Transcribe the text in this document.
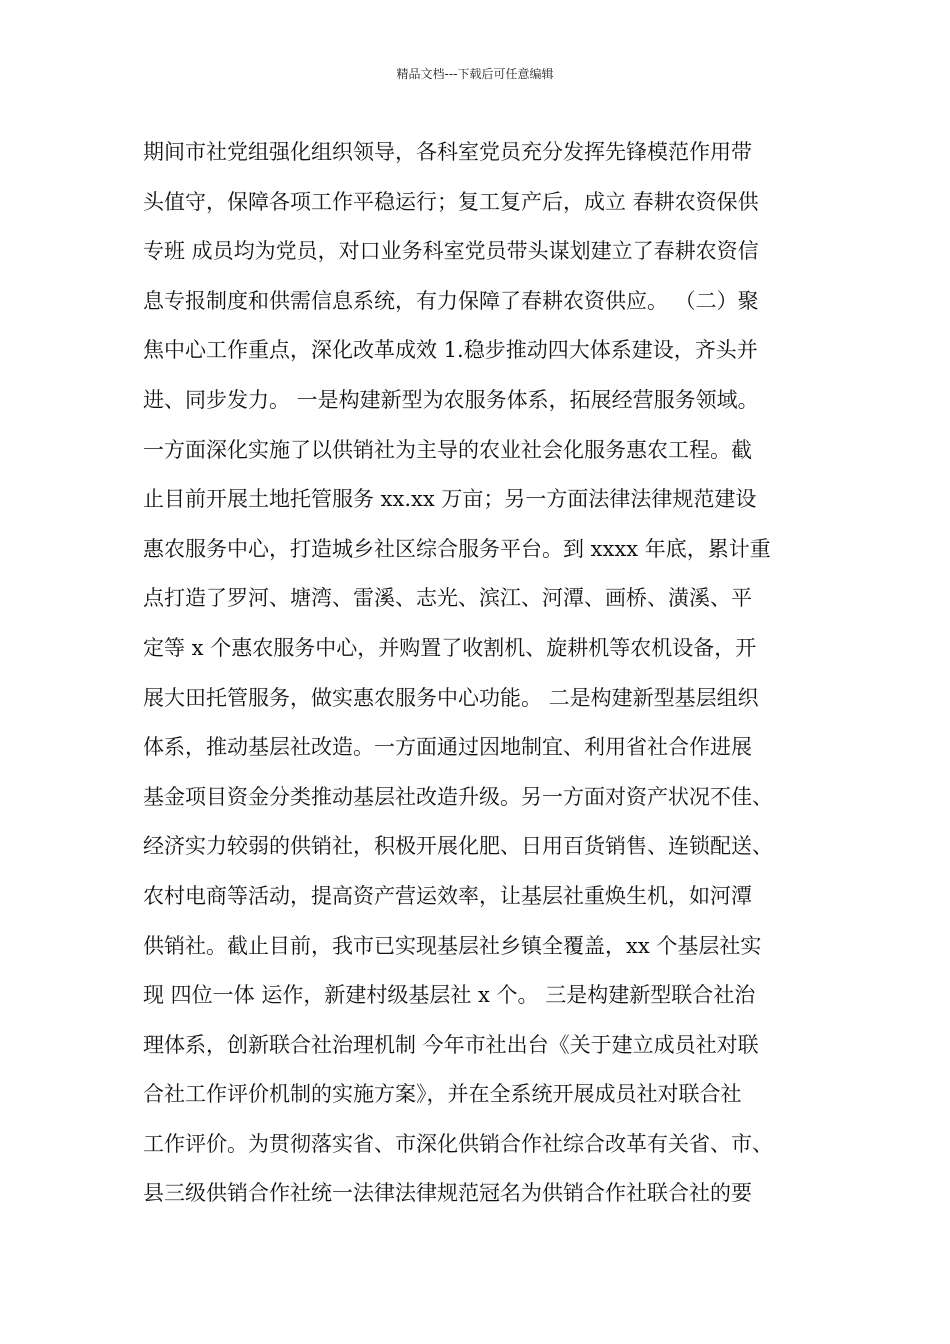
精品文档---下载后可任意编辑
期间市社党组强化组织领导，各科室党员充分发挥先锋模范作用带
头值守，保障各项工作平稳运行；复工复产后，成立 春耕农资保供
专班 成员均为党员，对口业务科室党员带头谋划建立了春耕农资信
息专报制度和供需信息系统，有力保障了春耕农资供应。 （二）聚
焦中心工作重点，深化改革成效 1.稳步推动四大体系建设，齐头并
进、同步发力。 一是构建新型为农服务体系，拓展经营服务领域。
一方面深化实施了以供销社为主导的农业社会化服务惠农工程。截
止目前开展土地托管服务 xx.xx 万亩；另一方面法律法律规范建设
惠农服务中心，打造城乡社区综合服务平台。到 xxxx 年底，累计重
点打造了罗河、塘湾、雷溪、志光、滨江、河潭、画桥、潢溪、平
定等 x 个惠农服务中心，并购置了收割机、旋耕机等农机设备，开
展大田托管服务，做实惠农服务中心功能。 二是构建新型基层组织
体系，推动基层社改造。一方面通过因地制宜、利用省社合作进展
基金项目资金分类推动基层社改造升级。另一方面对资产状况不佳、
经济实力较弱的供销社，积极开展化肥、日用百货销售、连锁配送、
农村电商等活动，提高资产营运效率，让基层社重焕生机，如河潭
供销社。截止目前，我市已实现基层社乡镇全覆盖，xx 个基层社实
现 四位一体 运作，新建村级基层社 x 个。 三是构建新型联合社治
理体系，创新联合社治理机制 今年市社出台《关于建立成员社对联
合社工作评价机制的实施方案》，并在全系统开展成员社对联合社
工作评价。为贯彻落实省、市深化供销合作社综合改革有关省、市、
县三级供销合作社统一法律法律规范冠名为供销合作社联合社的要
